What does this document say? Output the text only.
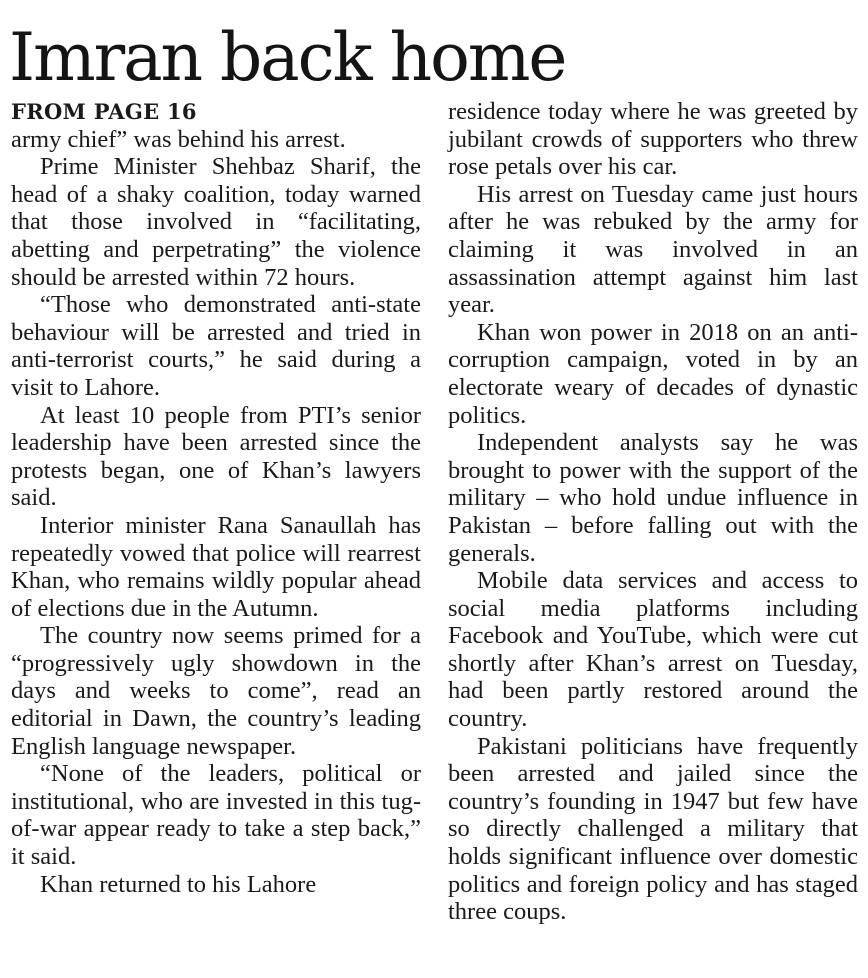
Imran back home
FROM PAGE 16

army chief” was behind his arrest.

Prime Minister Shehbaz Sharif, the head of a shaky coalition, today warned that those involved in “facilitating, abetting and perpetrating” the violence should be arrested within 72 hours.

“Those who demonstrated anti-state behaviour will be arrested and tried in anti-terrorist courts,” he said during a visit to Lahore.

At least 10 people from PTI’s senior leadership have been arrested since the protests began, one of Khan’s lawyers said.

Interior minister Rana Sanaullah has repeatedly vowed that police will rearrest Khan, who remains wildly popular ahead of elections due in the Autumn.

The country now seems primed for a “progressively ugly showdown in the days and weeks to come”, read an editorial in Dawn, the country’s leading English language newspaper.

“None of the leaders, political or institutional, who are invested in this tug-of-war appear ready to take a step back,” it said.

Khan returned to his Lahore

residence today where he was greeted by jubilant crowds of supporters who threw rose petals over his car.

His arrest on Tuesday came just hours after he was rebuked by the army for claiming it was involved in an assassination attempt against him last year.

Khan won power in 2018 on an anti-corruption campaign, voted in by an electorate weary of decades of dynastic politics.

Independent analysts say he was brought to power with the support of the military – who hold undue influence in Pakistan – before falling out with the generals.

Mobile data services and access to social media platforms including Facebook and YouTube, which were cut shortly after Khan’s arrest on Tuesday, had been partly restored around the country.

Pakistani politicians have frequently been arrested and jailed since the country’s founding in 1947 but few have so directly challenged a military that holds significant influence over domestic politics and foreign policy and has staged three coups.
